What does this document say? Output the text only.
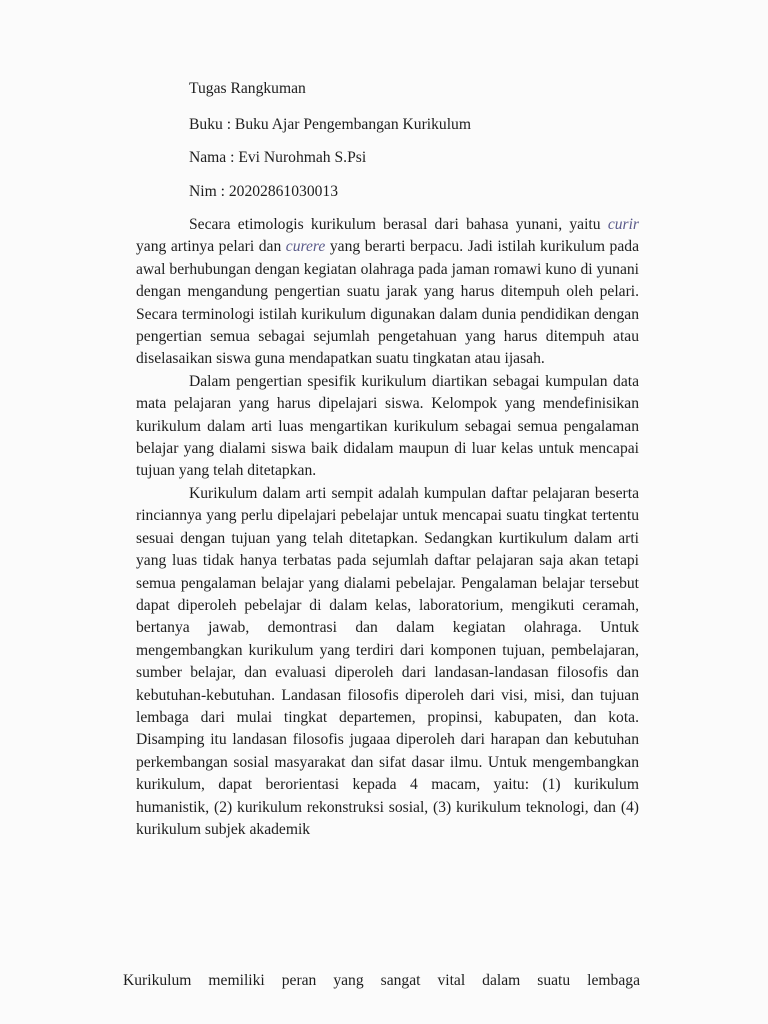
Tugas Rangkuman
Buku : Buku Ajar Pengembangan Kurikulum
Nama : Evi Nurohmah S.Psi
Nim : 20202861030013

Secara etimologis kurikulum berasal dari bahasa yunani, yaitu curir yang artinya pelari dan curere yang berarti berpacu. Jadi istilah kurikulum pada awal berhubungan dengan kegiatan olahraga pada jaman romawi kuno di yunani dengan mengandung pengertian suatu jarak yang harus ditempuh oleh pelari. Secara terminologi istilah kurikulum digunakan dalam dunia pendidikan dengan pengertian semua sebagai sejumlah pengetahuan yang harus ditempuh atau diselasaikan siswa guna mendapatkan suatu tingkatan atau ijasah.

Dalam pengertian spesifik kurikulum diartikan sebagai kumpulan data mata pelajaran yang harus dipelajari siswa. Kelompok yang mendefinisikan kurikulum dalam arti luas mengartikan kurikulum sebagai semua pengalaman belajar yang dialami siswa baik didalam maupun di luar kelas untuk mencapai tujuan yang telah ditetapkan.

Kurikulum dalam arti sempit adalah kumpulan daftar pelajaran beserta rinciannya yang perlu dipelajari pebelajar untuk mencapai suatu tingkat tertentu sesuai dengan tujuan yang telah ditetapkan. Sedangkan kurtikulum dalam arti yang luas tidak hanya terbatas pada sejumlah daftar pelajaran saja akan tetapi semua pengalaman belajar yang dialami pebelajar. Pengalaman belajar tersebut dapat diperoleh pebelajar di dalam kelas, laboratorium, mengikuti ceramah, bertanya jawab, demontrasi dan dalam kegiatan olahraga. Untuk mengembangkan kurikulum yang terdiri dari komponen tujuan, pembelajaran, sumber belajar, dan evaluasi diperoleh dari landasan-landasan filosofis dan kebutuhan-kebutuhan. Landasan filosofis diperoleh dari visi, misi, dan tujuan lembaga dari mulai tingkat departemen, propinsi, kabupaten, dan kota. Disamping itu landasan filosofis jugaaa diperoleh dari harapan dan kebutuhan perkembangan sosial masyarakat dan sifat dasar ilmu. Untuk mengembangkan kurikulum, dapat berorientasi kepada 4 macam, yaitu: (1) kurikulum humanistik, (2) kurikulum rekonstruksi sosial, (3) kurikulum teknologi, dan (4) kurikulum subjek akademik

Kurikulum memiliki peran yang sangat vital dalam suatu lembaga
